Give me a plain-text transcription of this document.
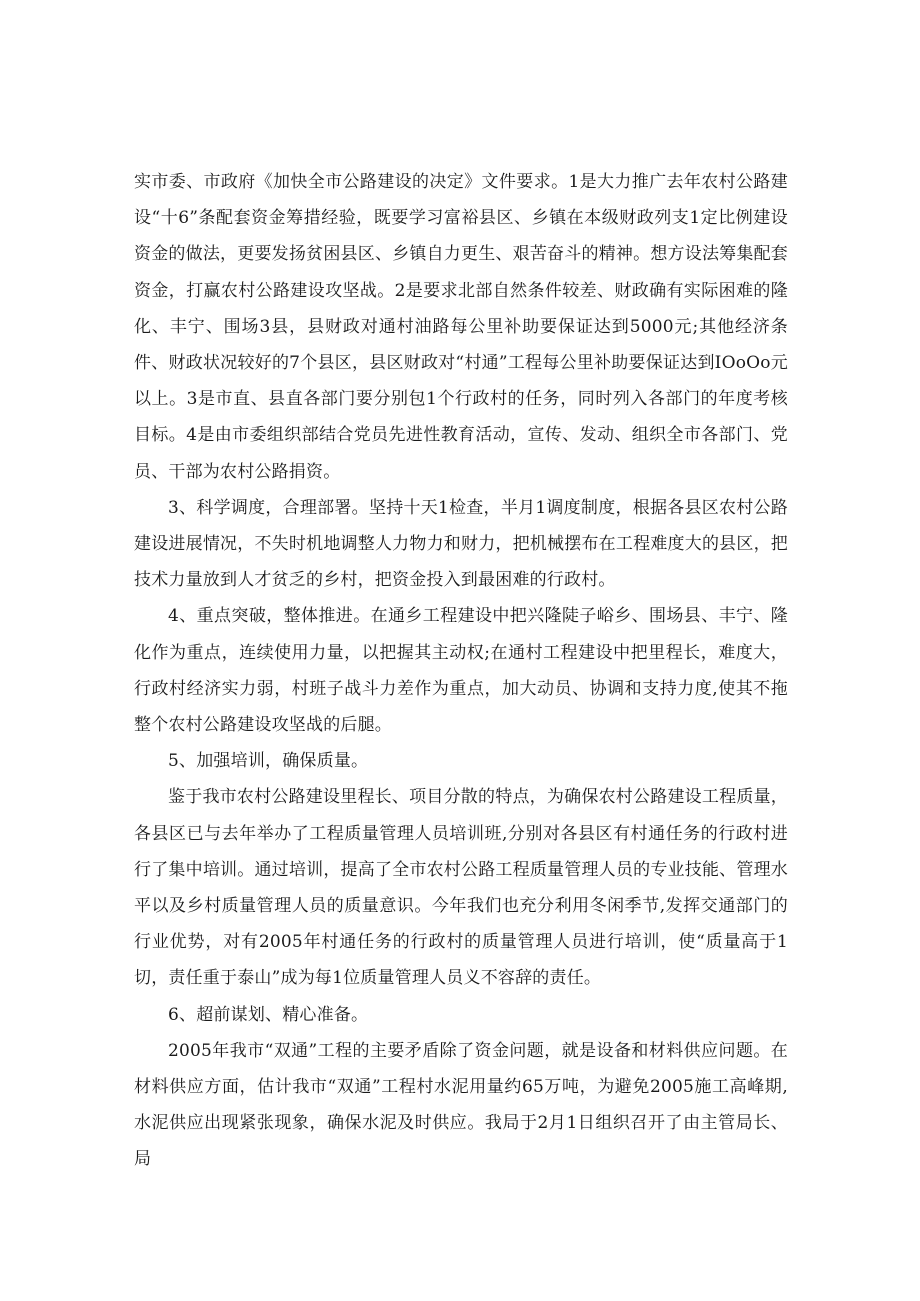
实市委、市政府《加快全市公路建设的决定》文件要求。1是大力推广去年农村公路建设“十6”条配套资金筹措经验，既要学习富裕县区、乡镇在本级财政列支1定比例建设资金的做法，更要发扬贫困县区、乡镇自力更生、艰苦奋斗的精神。想方设法筹集配套资金，打赢农村公路建设攻坚战。2是要求北部自然条件较差、财政确有实际困难的隆化、丰宁、围场3县，县财政对通村油路每公里补助要保证达到5000元;其他经济条件、财政状况较好的7个县区，县区财政对“村通”工程每公里补助要保证达到IOoOo元以上。3是市直、县直各部门要分别包1个行政村的任务，同时列入各部门的年度考核目标。4是由市委组织部结合党员先进性教育活动，宣传、发动、组织全市各部门、党员、干部为农村公路捐资。

3、科学调度，合理部署。坚持十天1检查，半月1调度制度，根据各县区农村公路建设进展情况，不失时机地调整人力物力和财力，把机械摆布在工程难度大的县区，把技术力量放到人才贫乏的乡村，把资金投入到最困难的行政村。

4、重点突破，整体推进。在通乡工程建设中把兴隆陡子峪乡、围场县、丰宁、隆化作为重点，连续使用力量，以把握其主动权;在通村工程建设中把里程长，难度大，行政村经济实力弱，村班子战斗力差作为重点，加大动员、协调和支持力度,使其不拖整个农村公路建设攻坚战的后腿。

5、加强培训，确保质量。

鉴于我市农村公路建设里程长、项目分散的特点，为确保农村公路建设工程质量，各县区已与去年举办了工程质量管理人员培训班,分别对各县区有村通任务的行政村进行了集中培训。通过培训，提高了全市农村公路工程质量管理人员的专业技能、管理水平以及乡村质量管理人员的质量意识。今年我们也充分利用冬闲季节,发挥交通部门的行业优势，对有2005年村通任务的行政村的质量管理人员进行培训，使“质量高于1切，责任重于泰山”成为每1位质量管理人员义不容辞的责任。

6、超前谋划、精心准备。

2005年我市“双通”工程的主要矛盾除了资金问题，就是设备和材料供应问题。在材料供应方面，估计我市“双通”工程村水泥用量约65万吨，为避免2005施工高峰期,水泥供应出现紧张现象，确保水泥及时供应。我局于2月1日组织召开了由主管局长、局
